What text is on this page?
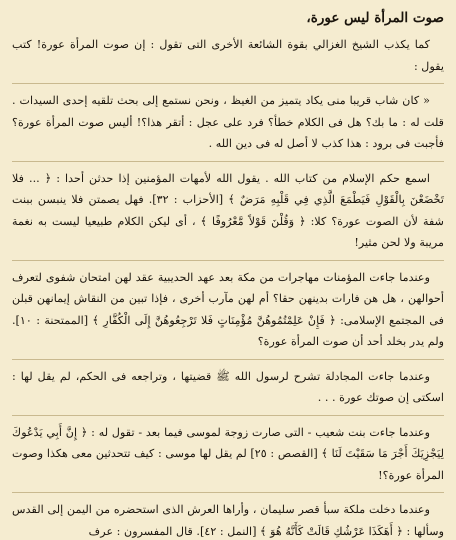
صوت المرأة ليس عورة،

كما يكذب الشيخ الغزالي بقوة الشائعة الأخرى التى تقول : إن صوت المرأة عورة! كتب يقول :

« كان شاب قريبا منى يكاد يتميز من الغيظ ، ونحن نستمع إلى بحث تلقيه إحدى السيدات . قلت له : ما بك؟ هل فى الكلام خطأ؟ فرد على عجل : أتقر هذا؟! أليس صوت المرأة عورة؟ فأجبت فى برود : هذا كذب لا أصل له فى دين الله .

اسمع حكم الإسلام من كتاب الله . يقول الله لأمهات المؤمنين إذا حدثن أحدا : ﴿ ... فلا تَخْضَعْنَ بِالْقَوْلِ فَيَطْمَعَ الَّذِي فِي قَلْبِهِ مَرَضٌ ﴾ [الأحزاب : ٣٢]. فهل يصمتن فلا ينبسن ببنت شفة لأن الصوت عورة؟ كلا: ﴿ وَقُلْنَ قَوْلاً مَّعْرُوفًا ﴾ ، أى ليكن الكلام طبيعيا ليست به نغمة مريبة ولا لحن مثير!

وعندما جاءت المؤمنات مهاجرات من مكة بعد عهد الحديبية عقد لهن امتحان شفوى لتعرف أحوالهن ، هل هن فارات بدينهن حقا؟ أم لهن مآرب أخرى ، فإذا تبين من النقاش إيمانهن قبلن فى المجتمع الإسلامى: ﴿ فَإِنْ عَلِمْتُمُوهُنَّ مُؤْمِنَاتٍ فَلا تَرْجِعُوهُنَّ إِلَى الْكُفَّارِ ﴾ [الممتحنة : ١٠]. ولم يدر بخلد أحد أن صوت المرأة عورة؟

وعندما جاءت المجادلة تشرح لرسول الله ﷺ قضيتها ، وتراجعه فى الحكم، لم يقل لها : اسكتى إن صوتك عورة . . .

وعندما جاءت بنت شعيب - التى صارت زوجة لموسى فيما بعد - تقول له : ﴿ إِنَّ أَبِي يَدْعُوكَ لِيَجْزِيَكَ أَجْرَ مَا سَقَيْتَ لَنَا ﴾ [القصص : ٢٥] لم يقل لها موسى : كيف تتحدثين معى هكذا وصوت المرأة عورة؟!

وعندما دخلت ملكة سبأ قصر سليمان ، وأراها العرش الذى استحضره من اليمن إلى القدس وسألها : ﴿ أَهَكَذَا عَرْشُكِ قَالَتْ كَأَنَّهُ هُوَ ﴾ [النمل : ٤٢]. قال المفسرون : عرف
